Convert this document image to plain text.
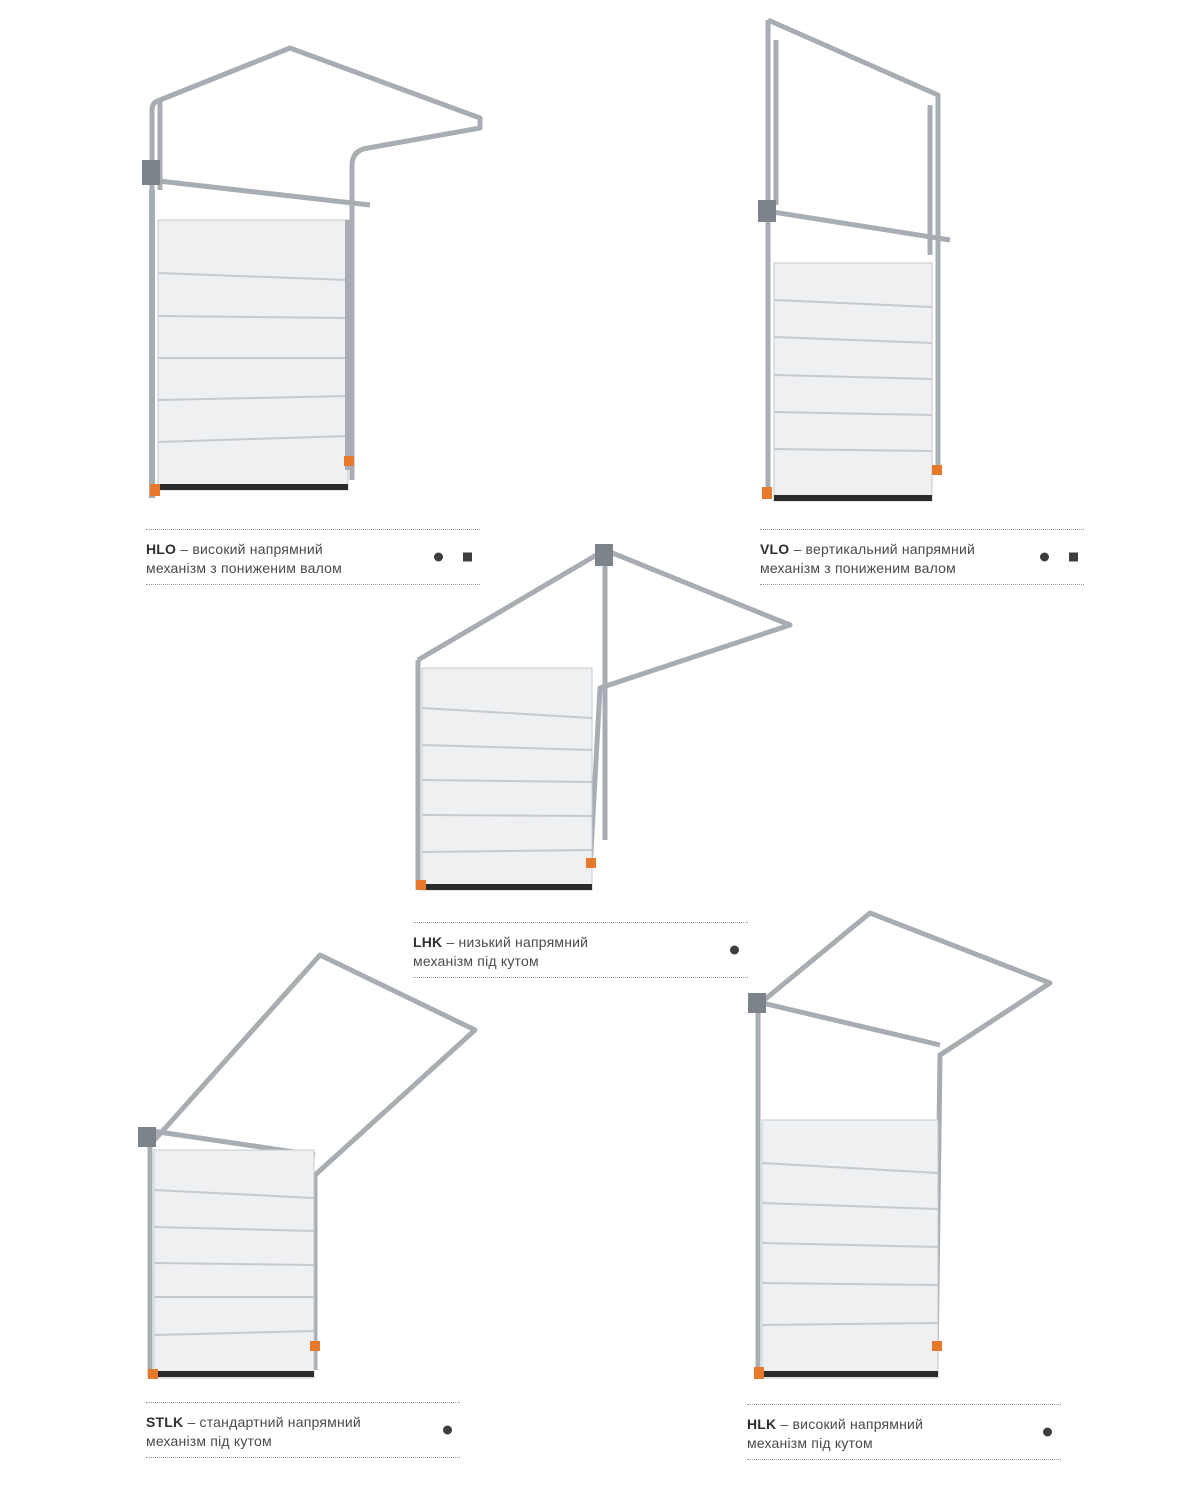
HLO – високий напрямний
механізм з пониженим валом
VLO – вертикальний напрямний
механізм з пониженим валом
LHK – низький напрямний
механізм під кутом
STLK – стандартний напрямний
механізм під кутом
HLK – високий напрямний
механізм під кутом
